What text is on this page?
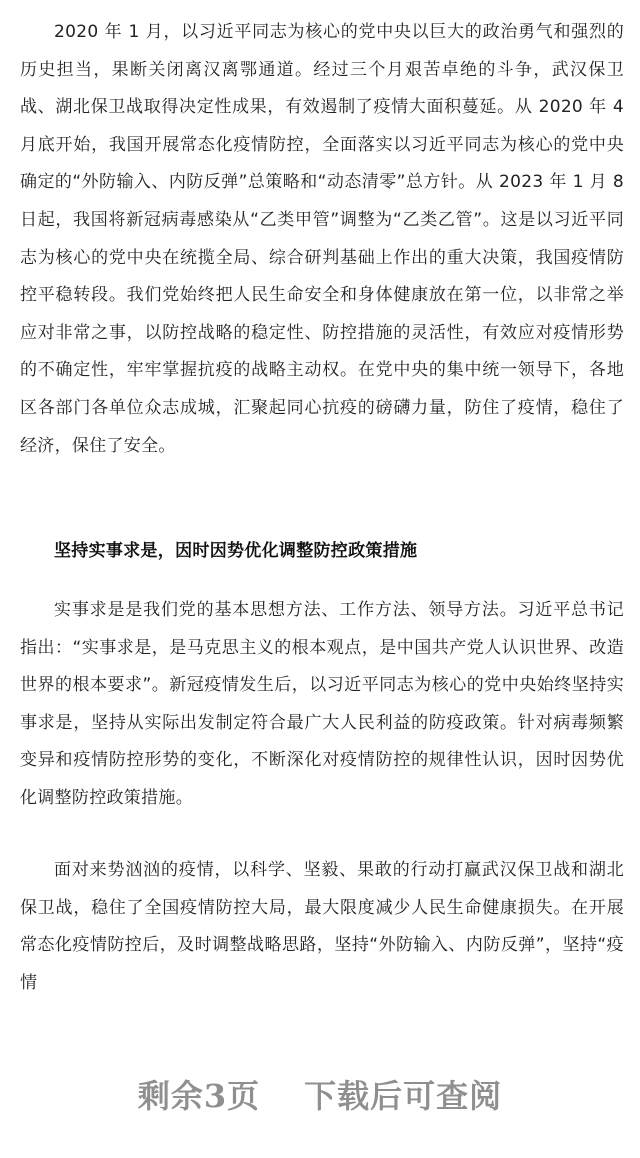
2020 年 1 月，以习近平同志为核心的党中央以巨大的政治勇气和强烈的历史担当，果断关闭离汉离鄂通道。经过三个月艰苦卓绝的斗争，武汉保卫战、湖北保卫战取得决定性成果，有效遏制了疫情大面积蔓延。从 2020 年 4 月底开始，我国开展常态化疫情防控，全面落实以习近平同志为核心的党中央确定的“外防输入、内防反弹”总策略和“动态清零”总方针。从 2023 年 1 月 8 日起，我国将新冠病毒感染从“乙类甲管”调整为“乙类乙管”。这是以习近平同志为核心的党中央在统揽全局、综合研判基础上作出的重大决策，我国疫情防控平稳转段。我们党始终把人民生命安全和身体健康放在第一位，以非常之举应对非常之事，以防控战略的稳定性、防控措施的灵活性，有效应对疫情形势的不确定性，牢牢掌握抗疫的战略主动权。在党中央的集中统一领导下，各地区各部门各单位众志成城，汇聚起同心抗疫的磅礴力量，防住了疫情，稳住了经济，保住了安全。

坚持实事求是，因时因势优化调整防控政策措施

实事求是是我们党的基本思想方法、工作方法、领导方法。习近平总书记指出：“实事求是，是马克思主义的根本观点，是中国共产党人认识世界、改造世界的根本要求”。新冠疫情发生后，以习近平同志为核心的党中央始终坚持实事求是，坚持从实际出发制定符合最广大人民利益的防疫政策。针对病毒频繁变异和疫情防控形势的变化，不断深化对疫情防控的规律性认识，因时因势优化调整防控政策措施。

面对来势汹汹的疫情，以科学、坚毅、果敢的行动打赢武汉保卫战和湖北保卫战，稳住了全国疫情防控大局，最大限度减少人民生命健康损失。在开展常态化疫情防控后，及时调整战略思路，坚持“外防输入、内防反弹”，坚持“疫情

剩余3页 下载后可查阅
